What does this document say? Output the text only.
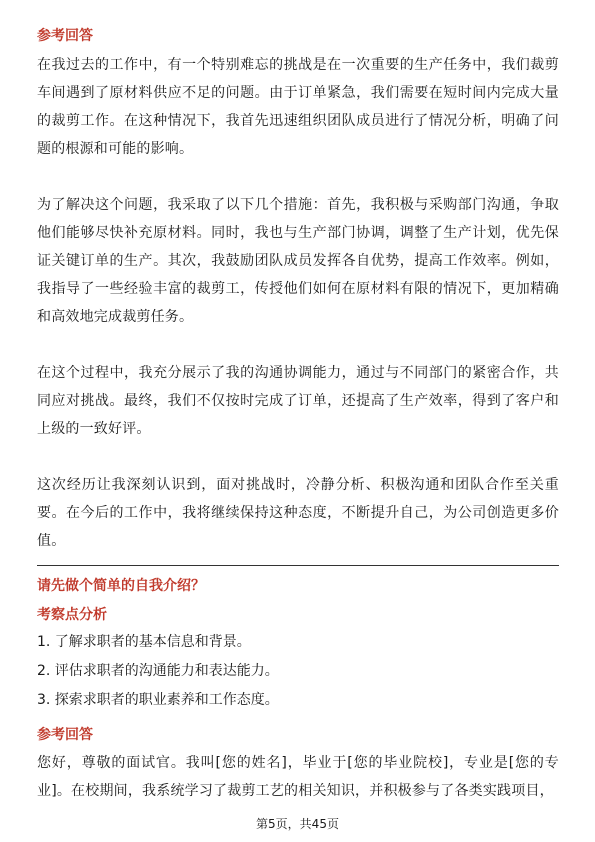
参考回答

在我过去的工作中，有一个特别难忘的挑战是在一次重要的生产任务中，我们裁剪车间遇到了原材料供应不足的问题。由于订单紧急，我们需要在短时间内完成大量的裁剪工作。在这种情况下，我首先迅速组织团队成员进行了情况分析，明确了问题的根源和可能的影响。

为了解决这个问题，我采取了以下几个措施：首先，我积极与采购部门沟通，争取他们能够尽快补充原材料。同时，我也与生产部门协调，调整了生产计划，优先保证关键订单的生产。其次，我鼓励团队成员发挥各自优势，提高工作效率。例如，我指导了一些经验丰富的裁剪工，传授他们如何在原材料有限的情况下，更加精确和高效地完成裁剪任务。

在这个过程中，我充分展示了我的沟通协调能力，通过与不同部门的紧密合作，共同应对挑战。最终，我们不仅按时完成了订单，还提高了生产效率，得到了客户和上级的一致好评。

这次经历让我深刻认识到，面对挑战时，冷静分析、积极沟通和团队合作至关重要。在今后的工作中，我将继续保持这种态度，不断提升自己，为公司创造更多价值。

请先做个简单的自我介绍？

考察点分析

1. 了解求职者的基本信息和背景。

2. 评估求职者的沟通能力和表达能力。

3. 探索求职者的职业素养和工作态度。

参考回答

您好，尊敬的面试官。我叫[您的姓名]，毕业于[您的毕业院校]，专业是[您的专业]。在校期间，我系统学习了裁剪工艺的相关知识，并积极参与了各类实践项目，

第5页，共45页
